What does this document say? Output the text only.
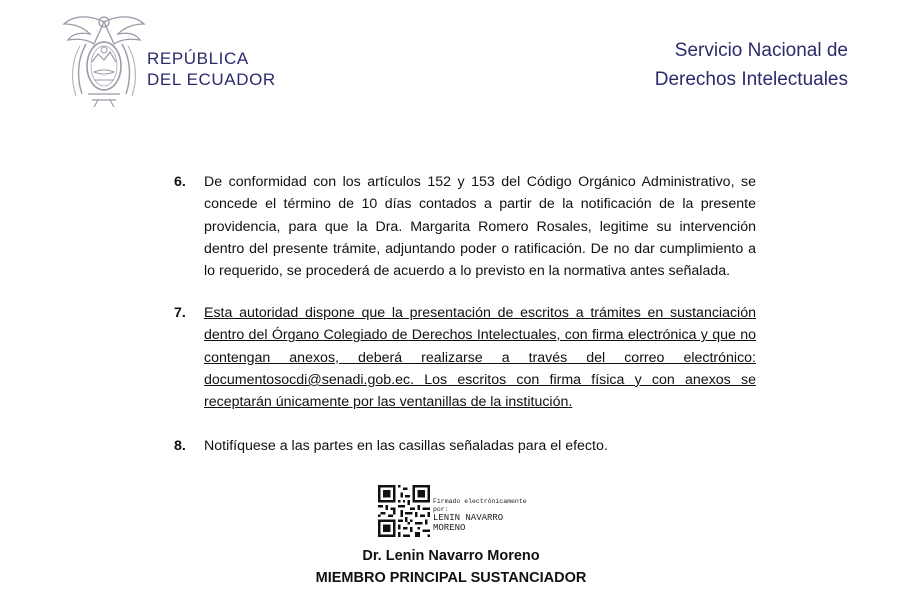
REPÚBLICA
DEL ECUADOR
Servicio Nacional de
Derechos Intelectuales
6.	De conformidad con los artículos 152 y 153 del Código Orgánico Administrativo, se concede el término de 10 días contados a partir de la notificación de la presente providencia, para que la Dra. Margarita Romero Rosales, legitime su intervención dentro del presente trámite, adjuntando poder o ratificación. De no dar cumplimiento a lo requerido, se procederá de acuerdo a lo previsto en la normativa antes señalada.
7.	Esta autoridad dispone que la presentación de escritos a trámites en sustanciación dentro del Órgano Colegiado de Derechos Intelectuales, con firma electrónica y que no contengan anexos, deberá realizarse a través del correo electrónico: documentosocdi@senadi.gob.ec. Los escritos con firma física y con anexos se receptarán únicamente por las ventanillas de la institución.
8.	Notifíquese a las partes en las casillas señaladas para el efecto.
Firmado electrónicamente por:
LENIN NAVARRO
MORENO
Dr. Lenin Navarro Moreno
MIEMBRO PRINCIPAL SUSTANCIADOR
